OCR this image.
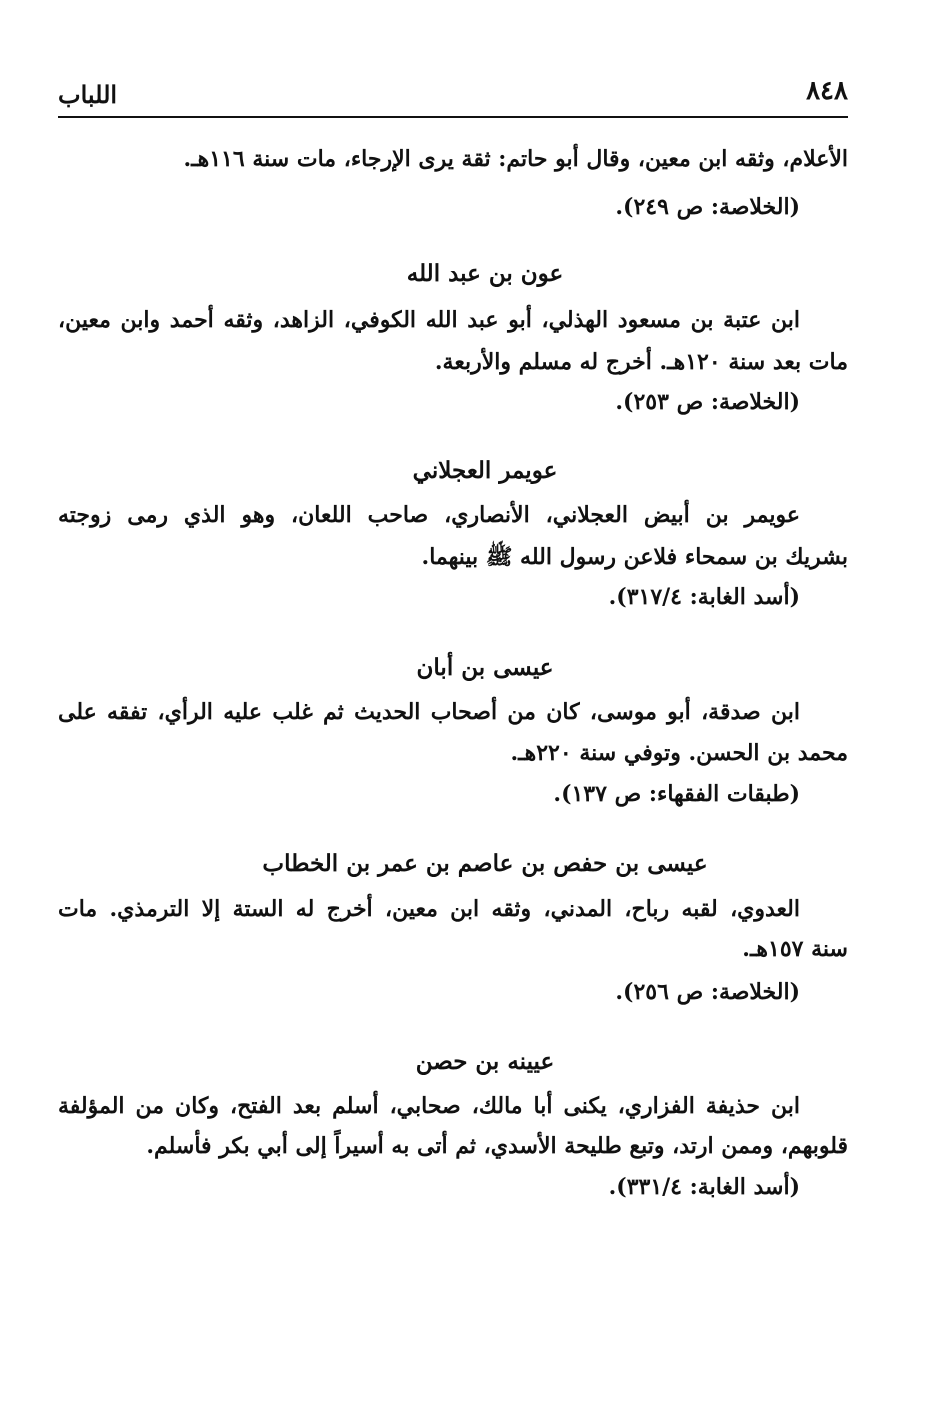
٨٤٨
اللباب
الأعلام، وثقه ابن معين، وقال أبو حاتم: ثقة يرى الإرجاء، مات سنة ١١٦هـ.
(الخلاصة: ص ٢٤٩).
عون بن عبد الله
ابن عتبة بن مسعود الهذلي، أبو عبد الله الكوفي، الزاهد، وثقه أحمد وابن معين،
مات بعد سنة ١٢٠هـ. أخرج له مسلم والأربعة.
(الخلاصة: ص ٢٥٣).
عويمر العجلاني
عويمر بن أبيض العجلاني، الأنصاري، صاحب اللعان، وهو الذي رمى زوجته
بشريك بن سمحاء فلاعن رسول الله ﷺ بينهما.
(أسد الغابة: ٣١٧/٤).
عيسى بن أبان
ابن صدقة، أبو موسى، كان من أصحاب الحديث ثم غلب عليه الرأي، تفقه على
محمد بن الحسن. وتوفي سنة ٢٢٠هـ.
(طبقات الفقهاء: ص ١٣٧).
عيسى بن حفص بن عاصم بن عمر بن الخطاب
العدوي، لقبه رباح، المدني، وثقه ابن معين، أخرج له الستة إلا الترمذي. مات
سنة ١٥٧هـ.
(الخلاصة: ص ٢٥٦).
عيينه بن حصن
ابن حذيفة الفزاري، يكنى أبا مالك، صحابي، أسلم بعد الفتح، وكان من المؤلفة
قلوبهم، وممن ارتد، وتبع طليحة الأسدي، ثم أتى به أسيراً إلى أبي بكر فأسلم.
(أسد الغابة: ٣٣١/٤).
